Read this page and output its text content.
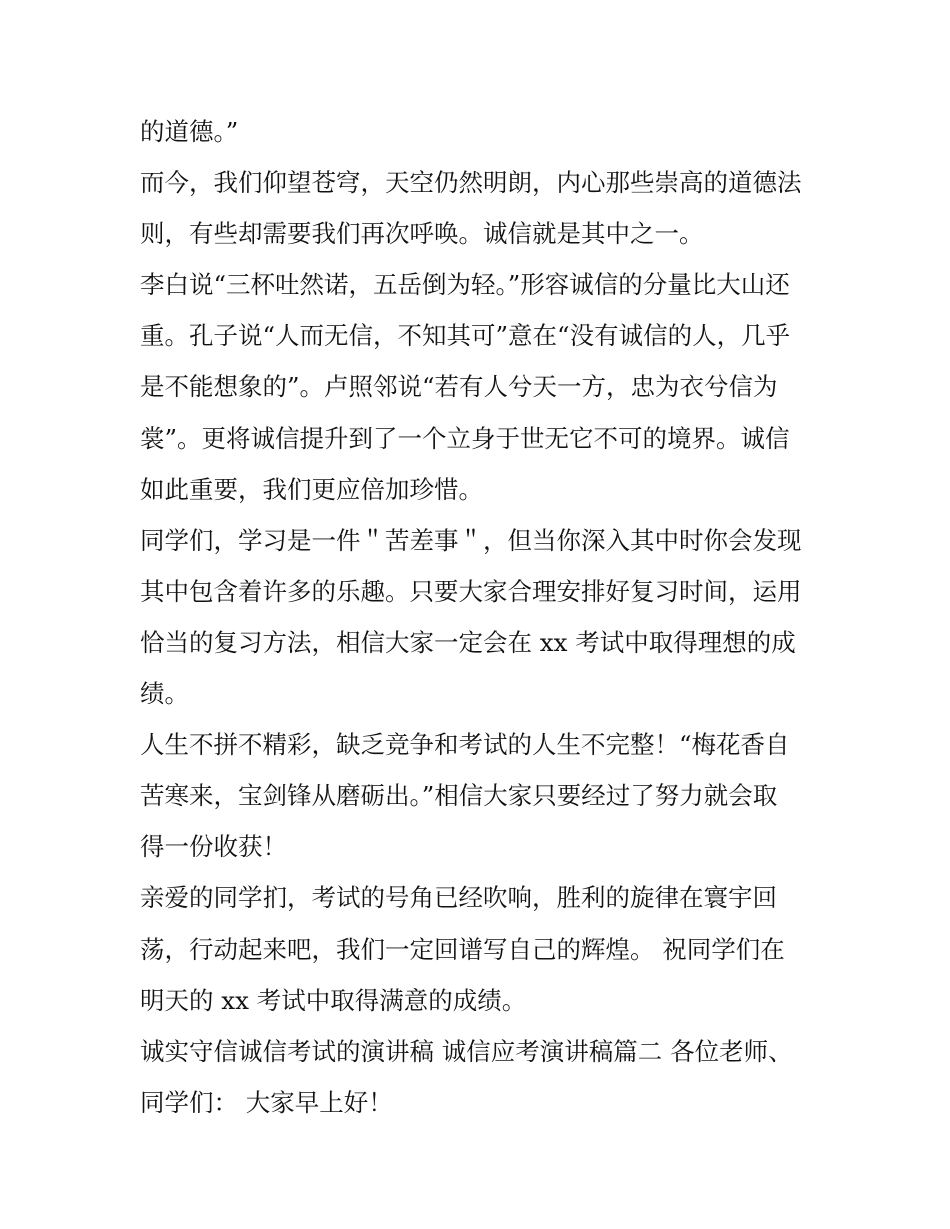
的道德。”
而今，我们仰望苍穹，天空仍然明朗，内心那些崇高的道德法
则，有些却需要我们再次呼唤。诚信就是其中之一。
李白说“三杯吐然诺，五岳倒为轻。”形容诚信的分量比大山还
重。孔子说“人而无信，不知其可”意在“没有诚信的人，几乎
是不能想象的”。卢照邻说“若有人兮天一方，忠为衣兮信为
裳”。更将诚信提升到了一个立身于世无它不可的境界。诚信
如此重要，我们更应倍加珍惜。
同学们，学习是一件＂苦差事＂，但当你深入其中时你会发现
其中包含着许多的乐趣。只要大家合理安排好复习时间，运用
恰当的复习方法，相信大家一定会在 xx 考试中取得理想的成
绩。
人生不拼不精彩，缺乏竞争和考试的人生不完整！“梅花香自
苦寒来，宝剑锋从磨砺出。”相信大家只要经过了努力就会取
得一份收获！
亲爱的同学扪，考试的号角已经吹响，胜利的旋律在寰宇回
荡，行动起来吧，我们一定回谱写自己的辉煌。 祝同学们在
明天的 xx 考试中取得满意的成绩。
诚实守信诚信考试的演讲稿 诚信应考演讲稿篇二 各位老师、
同学们： 大家早上好！
